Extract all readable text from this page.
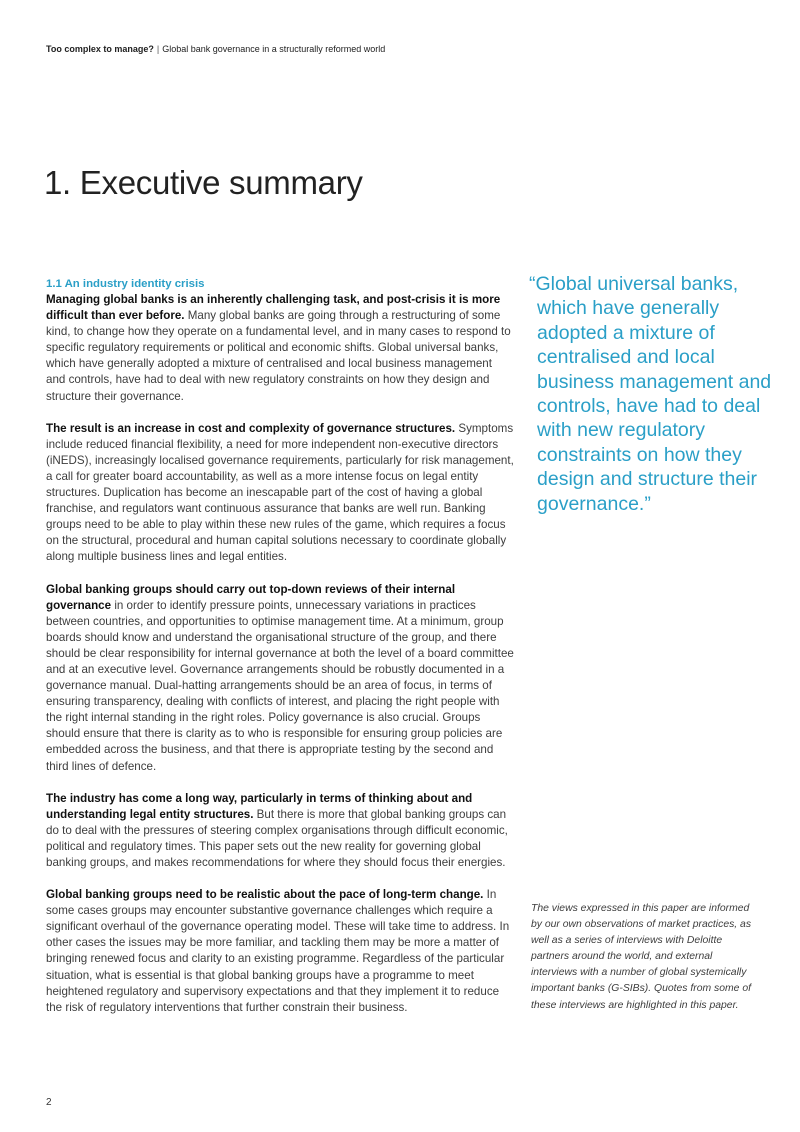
Too complex to manage? | Global bank governance in a structurally reformed world
1. Executive summary
1.1 An industry identity crisis

Managing global banks is an inherently challenging task, and post-crisis it is more difficult than ever before. Many global banks are going through a restructuring of some kind, to change how they operate on a fundamental level, and in many cases to respond to specific regulatory requirements or political and economic shifts. Global universal banks, which have generally adopted a mixture of centralised and local business management and controls, have had to deal with new regulatory constraints on how they design and structure their governance.

The result is an increase in cost and complexity of governance structures. Symptoms include reduced financial flexibility, a need for more independent non-executive directors (iNEDS), increasingly localised governance requirements, particularly for risk management, a call for greater board accountability, as well as a more intense focus on legal entity structures. Duplication has become an inescapable part of the cost of having a global franchise, and regulators want continuous assurance that banks are well run. Banking groups need to be able to play within these new rules of the game, which requires a focus on the structural, procedural and human capital solutions necessary to coordinate globally along multiple business lines and legal entities.

Global banking groups should carry out top-down reviews of their internal governance in order to identify pressure points, unnecessary variations in practices between countries, and opportunities to optimise management time. At a minimum, group boards should know and understand the organisational structure of the group, and there should be clear responsibility for internal governance at both the level of a board committee and at an executive level. Governance arrangements should be robustly documented in a governance manual. Dual-hatting arrangements should be an area of focus, in terms of ensuring transparency, dealing with conflicts of interest, and placing the right people with the right internal standing in the right roles. Policy governance is also crucial. Groups should ensure that there is clarity as to who is responsible for ensuring group policies are embedded across the business, and that there is appropriate testing by the second and third lines of defence.

The industry has come a long way, particularly in terms of thinking about and understanding legal entity structures. But there is more that global banking groups can do to deal with the pressures of steering complex organisations through difficult economic, political and regulatory times. This paper sets out the new reality for governing global banking groups, and makes recommendations for where they should focus their energies.

Global banking groups need to be realistic about the pace of long-term change. In some cases groups may encounter substantive governance challenges which require a significant overhaul of the governance operating model. These will take time to address. In other cases the issues may be more familiar, and tackling them may be more a matter of bringing renewed focus and clarity to an existing programme. Regardless of the particular situation, what is essential is that global banking groups have a programme to meet heightened regulatory and supervisory expectations and that they implement it to reduce the risk of regulatory interventions that further constrain their business.

“Global universal banks, which have generally adopted a mixture of centralised and local business management and controls, have had to deal with new regulatory constraints on how they design and structure their governance.”

The views expressed in this paper are informed by our own observations of market practices, as well as a series of interviews with Deloitte partners around the world, and external interviews with a number of global systemically important banks (G-SIBs). Quotes from some of these interviews are highlighted in this paper.

2
